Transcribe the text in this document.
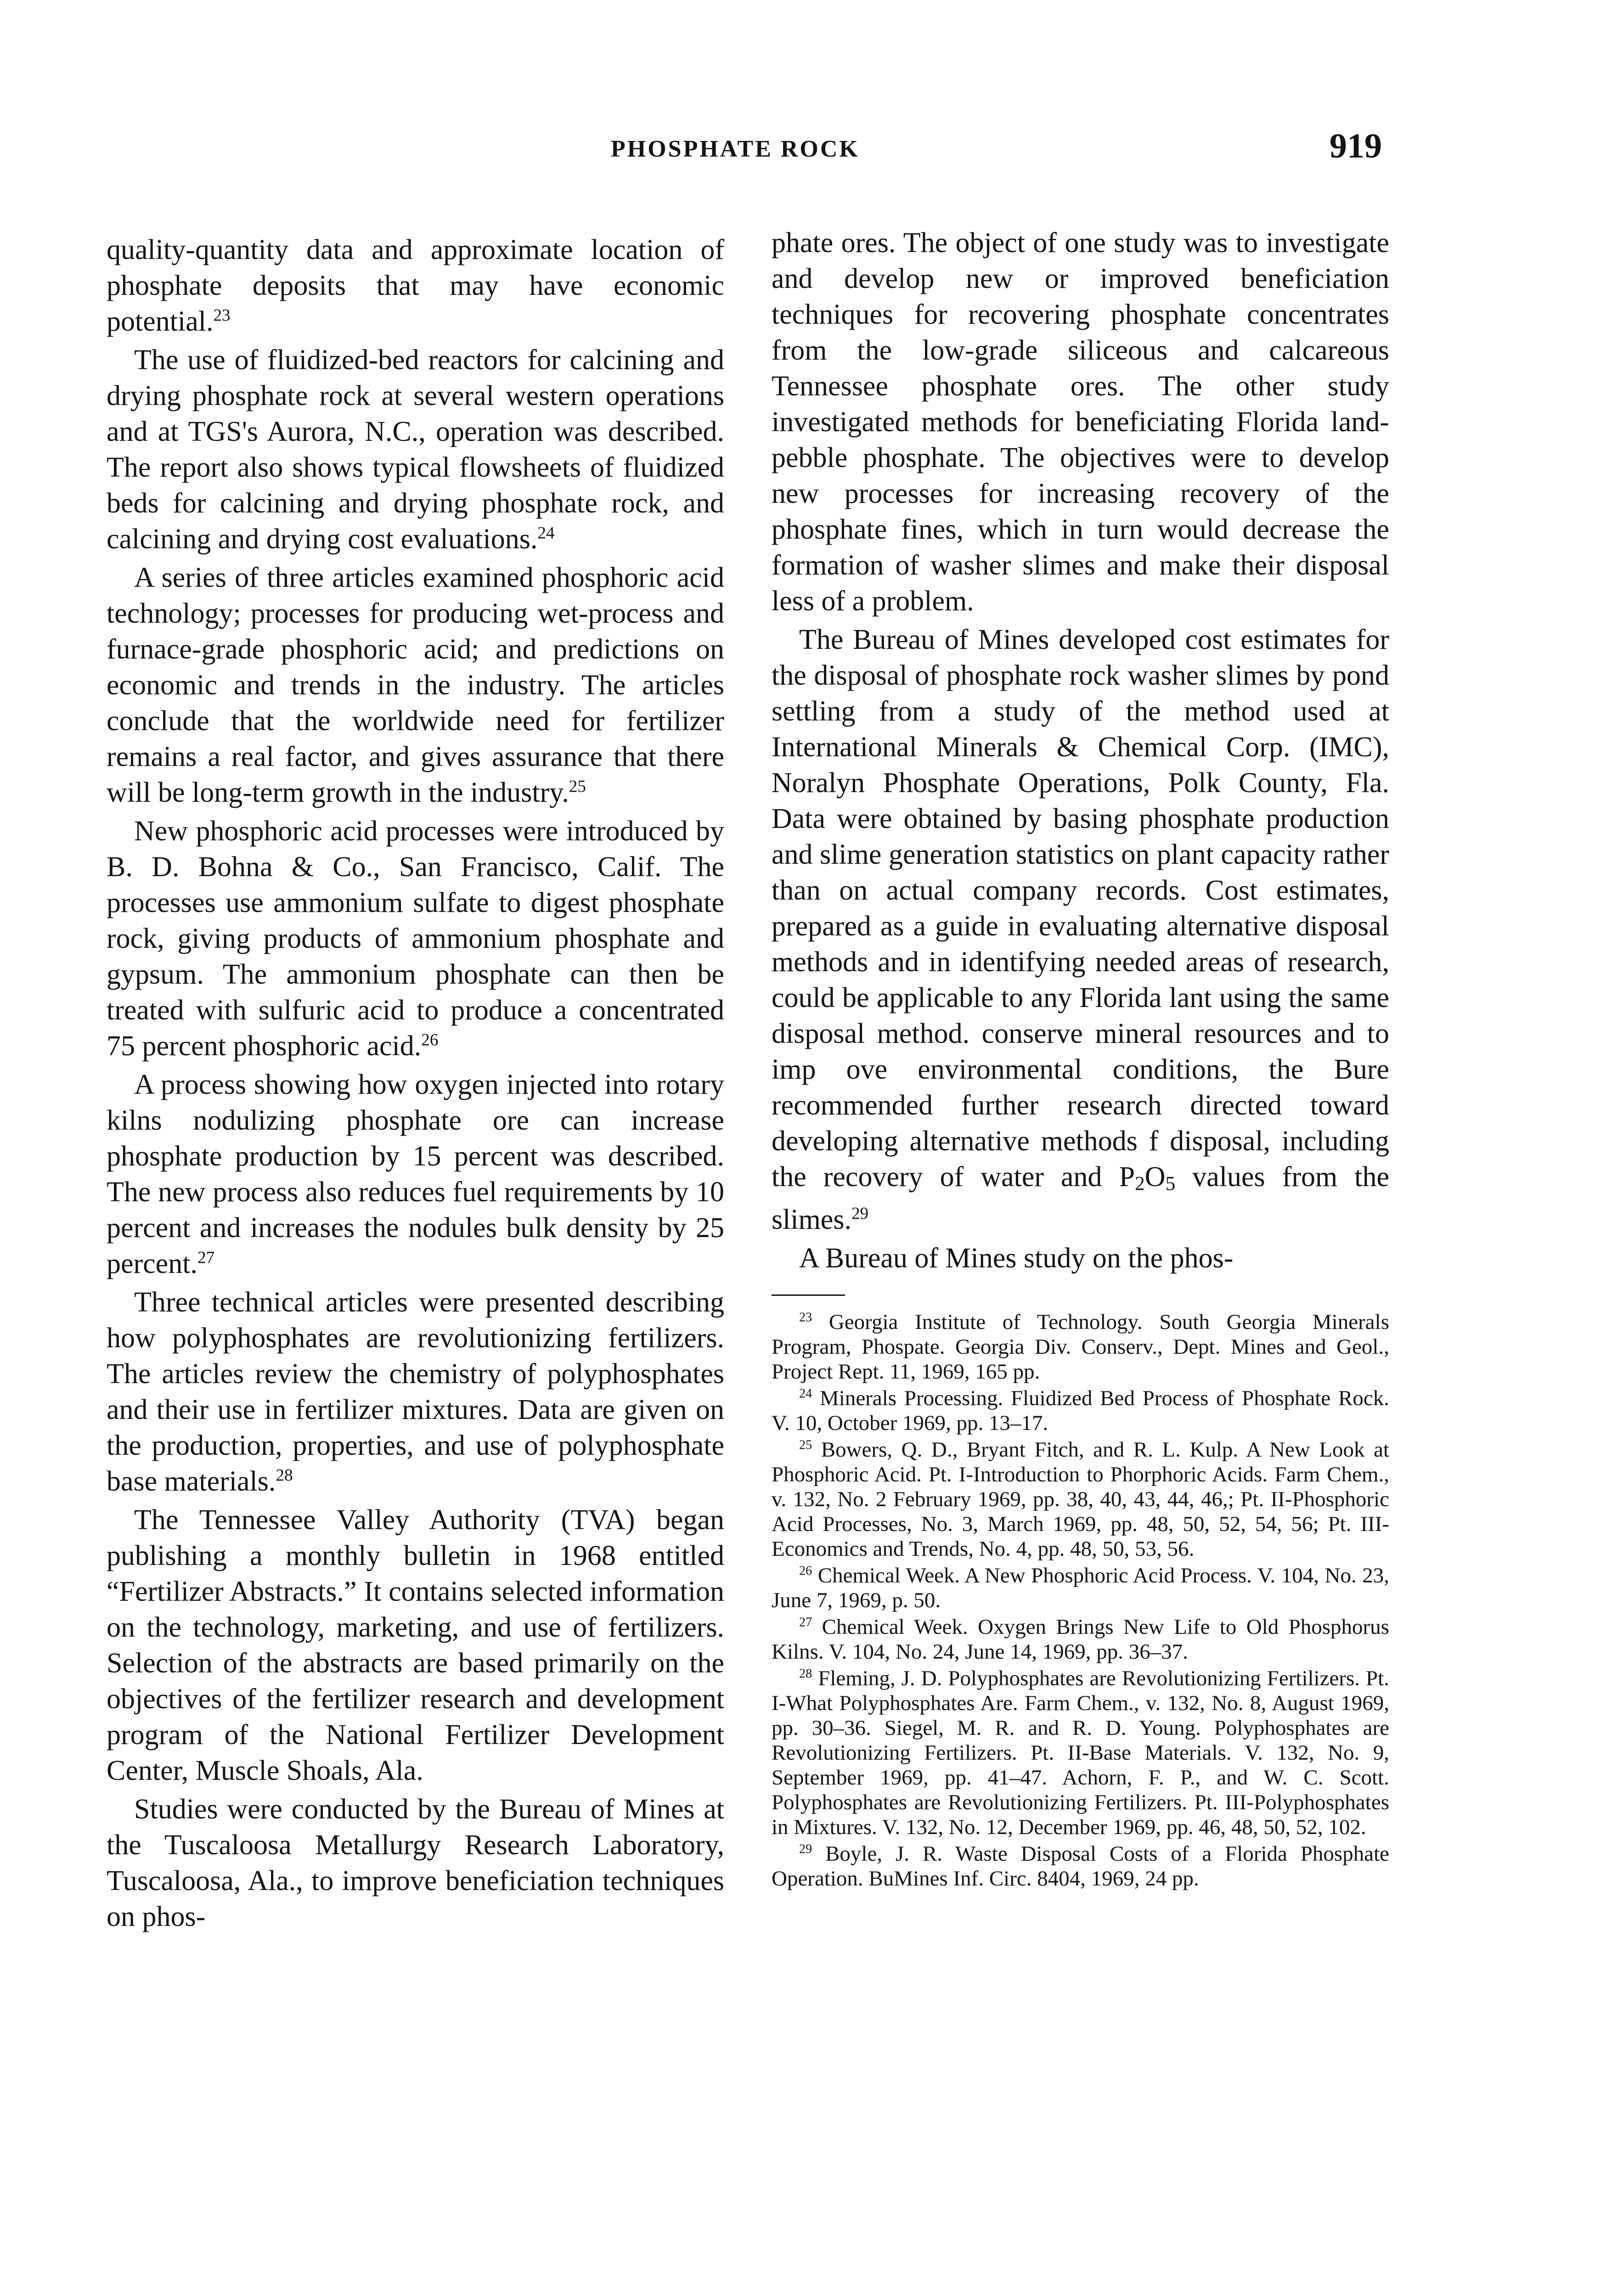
PHOSPHATE ROCK	919

quality-quantity data and approximate location of phosphate deposits that may have economic potential.$^{23}$

The use of fluidized-bed reactors for calcining and drying phosphate rock at several western operations and at TGS's Aurora, N.C., operation was described. The report also shows typical flowsheets of fluidized beds for calcining and drying phosphate rock, and calcining and drying cost evaluations.$^{24}$

A series of three articles examined phosphoric acid technology; processes for producing wet-process and furnace-grade phosphoric acid; and predictions on economic and trends in the industry. The articles conclude that the worldwide need for fertilizer remains a real factor, and gives assurance that there will be long-term growth in the industry.$^{25}$

New phosphoric acid processes were introduced by B. D. Bohna & Co., San Francisco, Calif. The processes use ammonium sulfate to digest phosphate rock, giving products of ammonium phosphate and gypsum. The ammonium phosphate can then be treated with sulfuric acid to produce a concentrated 75 percent phosphoric acid.$^{26}$

A process showing how oxygen injected into rotary kilns nodulizing phosphate ore can increase phosphate production by 15 percent was described. The new process also reduces fuel requirements by 10 percent and increases the nodules bulk density by 25 percent.$^{27}$

Three technical articles were presented describing how polyphosphates are revolutionizing fertilizers. The articles review the chemistry of polyphosphates and their use in fertilizer mixtures. Data are given on the production, properties, and use of polyphosphate base materials.$^{28}$

The Tennessee Valley Authority (TVA) began publishing a monthly bulletin in 1968 entitled “Fertilizer Abstracts.” It contains selected information on the technology, marketing, and use of fertilizers. Selection of the abstracts are based primarily on the objectives of the fertilizer research and development program of the National Fertilizer Development Center, Muscle Shoals, Ala.

Studies were conducted by the Bureau of Mines at the Tuscaloosa Metallurgy Research Laboratory, Tuscaloosa, Ala., to improve beneficiation techniques on phos-

phate ores. The object of one study was to investigate and develop new or improved beneficiation techniques for recovering phosphate concentrates from the low-grade siliceous and calcareous Tennessee phosphate ores. The other study investigated methods for beneficiating Florida land-pebble phosphate. The objectives were to develop new processes for increasing recovery of the phosphate fines, which in turn would decrease the formation of washer slimes and make their disposal less of a problem.

The Bureau of Mines developed cost estimates for the disposal of phosphate rock washer slimes by pond settling from a study of the method used at International Minerals & Chemical Corp. (IMC), Noralyn Phosphate Operations, Polk County, Fla. Data were obtained by basing phosphate production and slime generation statistics on plant capacity rather than on actual company records. Cost estimates, prepared as a guide in evaluating alternative disposal methods and in identifying needed areas of research, could be applicable to any Florida lant using the same disposal method. conserve mineral resources and to imp ove environmental conditions, the Bure recommended further research directed toward developing alternative methods f disposal, including the recovery of water and $P_2O_5$ values from the slimes.$^{29}$

A Bureau of Mines study on the phos-

$^{23}$ Georgia Institute of Technology. South Georgia Minerals Program, Phospate. Georgia Div. Conserv., Dept. Mines and Geol., Project Rept. 11, 1969, 165 pp.

$^{24}$ Minerals Processing. Fluidized Bed Process of Phosphate Rock. V. 10, October 1969, pp. 13–17.

$^{25}$ Bowers, Q. D., Bryant Fitch, and R. L. Kulp. A New Look at Phosphoric Acid. Pt. I-Introduction to Phorphoric Acids. Farm Chem., v. 132, No. 2 February 1969, pp. 38, 40, 43, 44, 46,; Pt. II-Phosphoric Acid Processes, No. 3, March 1969, pp. 48, 50, 52, 54, 56; Pt. III-Economics and Trends, No. 4, pp. 48, 50, 53, 56.

$^{26}$ Chemical Week. A New Phosphoric Acid Process. V. 104, No. 23, June 7, 1969, p. 50.

$^{27}$ Chemical Week. Oxygen Brings New Life to Old Phosphorus Kilns. V. 104, No. 24, June 14, 1969, pp. 36–37.

$^{28}$ Fleming, J. D. Polyphosphates are Revolutionizing Fertilizers. Pt. I-What Polyphosphates Are. Farm Chem., v. 132, No. 8, August 1969, pp. 30–36. Siegel, M. R. and R. D. Young. Polyphosphates are Revolutionizing Fertilizers. Pt. II-Base Materials. V. 132, No. 9, September 1969, pp. 41–47. Achorn, F. P., and W. C. Scott. Polyphosphates are Revolutionizing Fertilizers. Pt. III-Polyphosphates in Mixtures. V. 132, No. 12, December 1969, pp. 46, 48, 50, 52, 102.

$^{29}$ Boyle, J. R. Waste Disposal Costs of a Florida Phosphate Operation. BuMines Inf. Circ. 8404, 1969, 24 pp.
